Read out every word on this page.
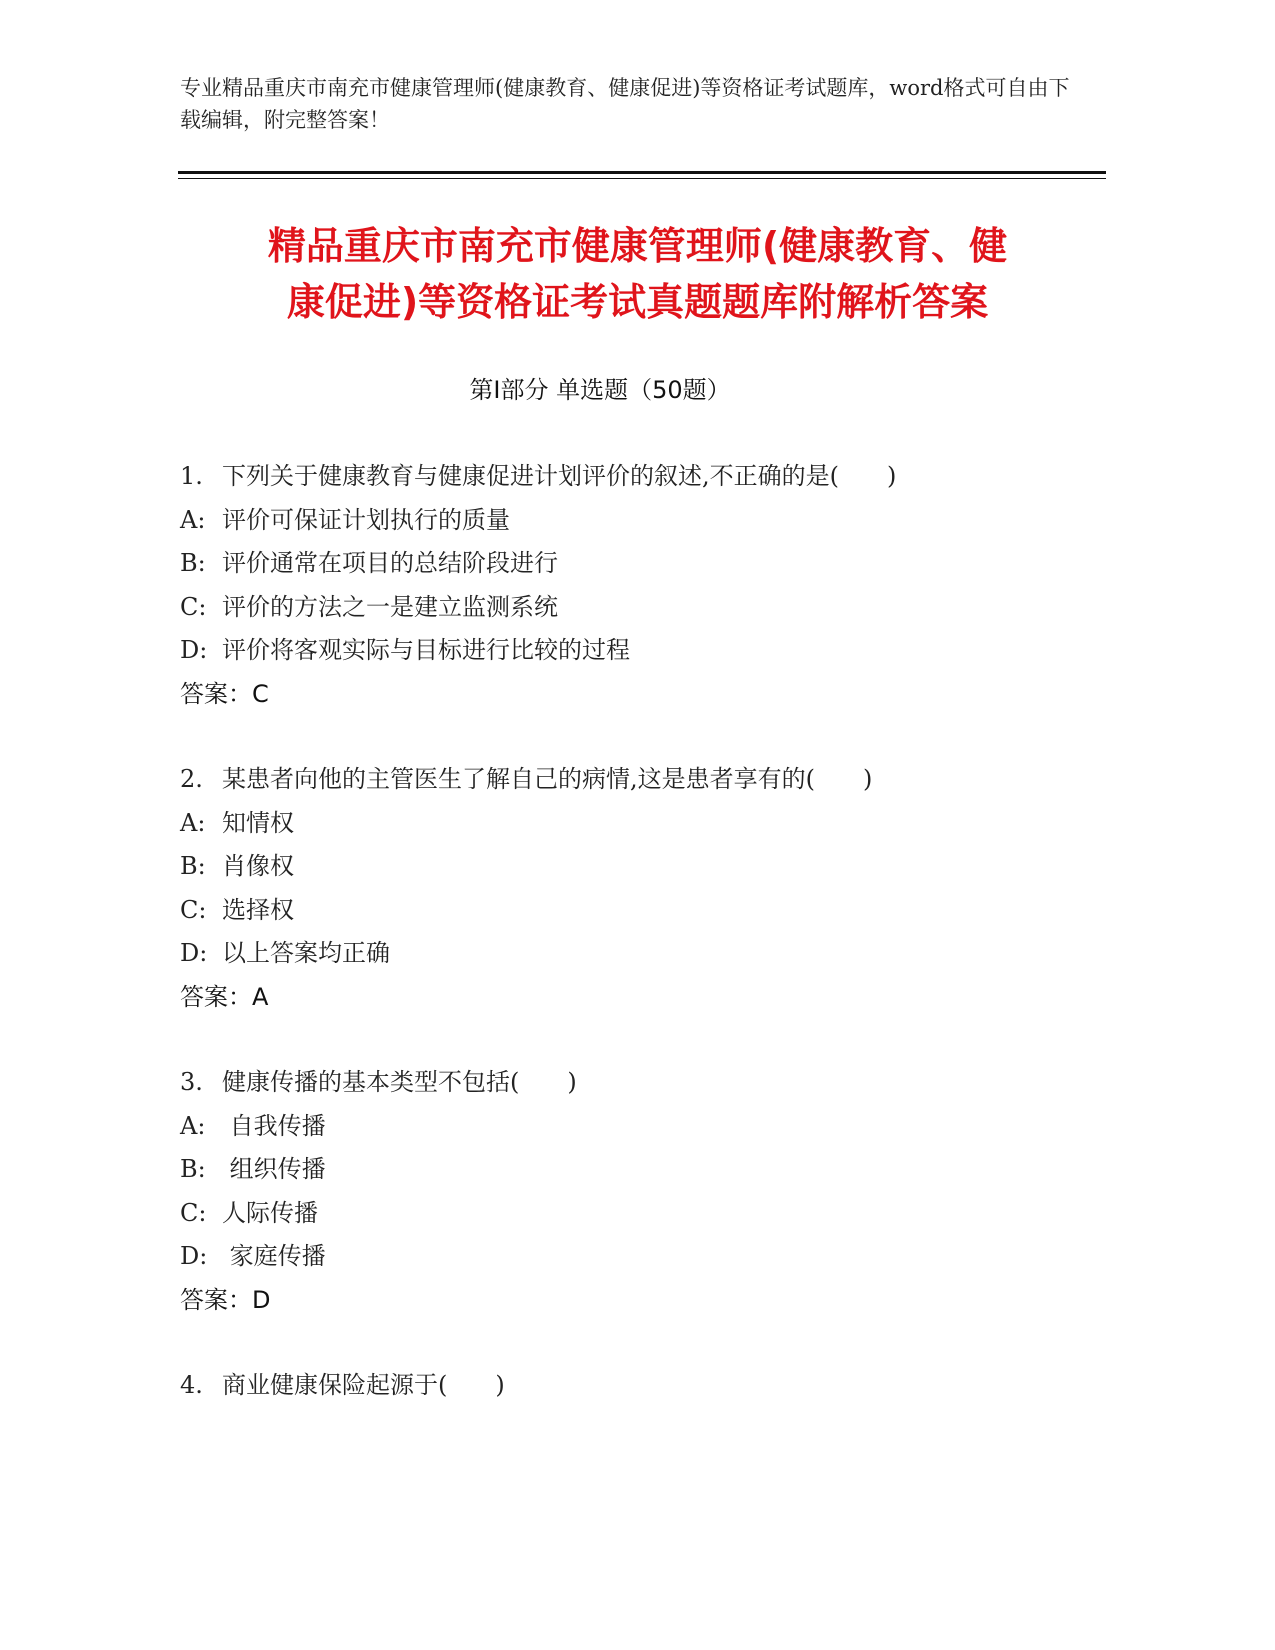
专业精品重庆市南充市健康管理师(健康教育、健康促进)等资格证考试题库，word格式可自由下载编辑，附完整答案！
精品重庆市南充市健康管理师(健康教育、健
康促进)等资格证考试真题题库附解析答案
第Ⅰ部分 单选题（50题）
1. 下列关于健康教育与健康促进计划评价的叙述,不正确的是(　　)
A: 评价可保证计划执行的质量
B: 评价通常在项目的总结阶段进行
C: 评价的方法之一是建立监测系统
D: 评价将客观实际与目标进行比较的过程
答案：C
2. 某患者向他的主管医生了解自己的病情,这是患者享有的(　　)
A: 知情权
B: 肖像权
C: 选择权
D: 以上答案均正确
答案：A
3. 健康传播的基本类型不包括(　　)
A: 自我传播
B: 组织传播
C: 人际传播
D: 家庭传播
答案：D
4. 商业健康保险起源于(　　)
